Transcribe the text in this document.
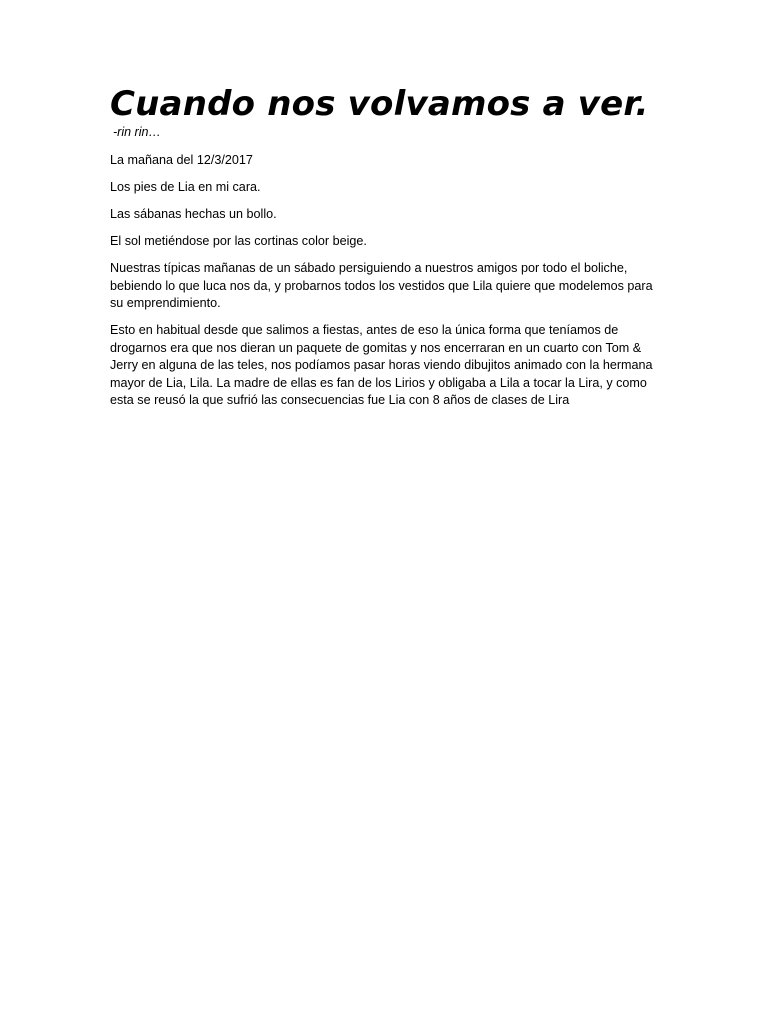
Cuando nos volvamos a ver.
-rin rin…

La mañana del 12/3/2017

Los pies de Lia en mi cara.

Las sábanas hechas un bollo.

El sol metiéndose por las cortinas color beige.

Nuestras típicas mañanas de un sábado persiguiendo a nuestros amigos por todo el boliche, bebiendo lo que luca nos da, y probarnos todos los vestidos que Lila quiere que modelemos para su emprendimiento.

Esto en habitual desde que salimos a fiestas, antes de eso la única forma que teníamos de drogarnos era que nos dieran un paquete de gomitas y nos encerraran en un cuarto con Tom & Jerry en alguna de las teles, nos podíamos pasar horas viendo dibujitos animado con la hermana mayor de Lia, Lila. La madre de ellas es fan de los Lirios y obligaba a Lila a tocar la Lira, y como esta se reusó la que sufrió las consecuencias fue Lia con 8 años de clases de Lira
